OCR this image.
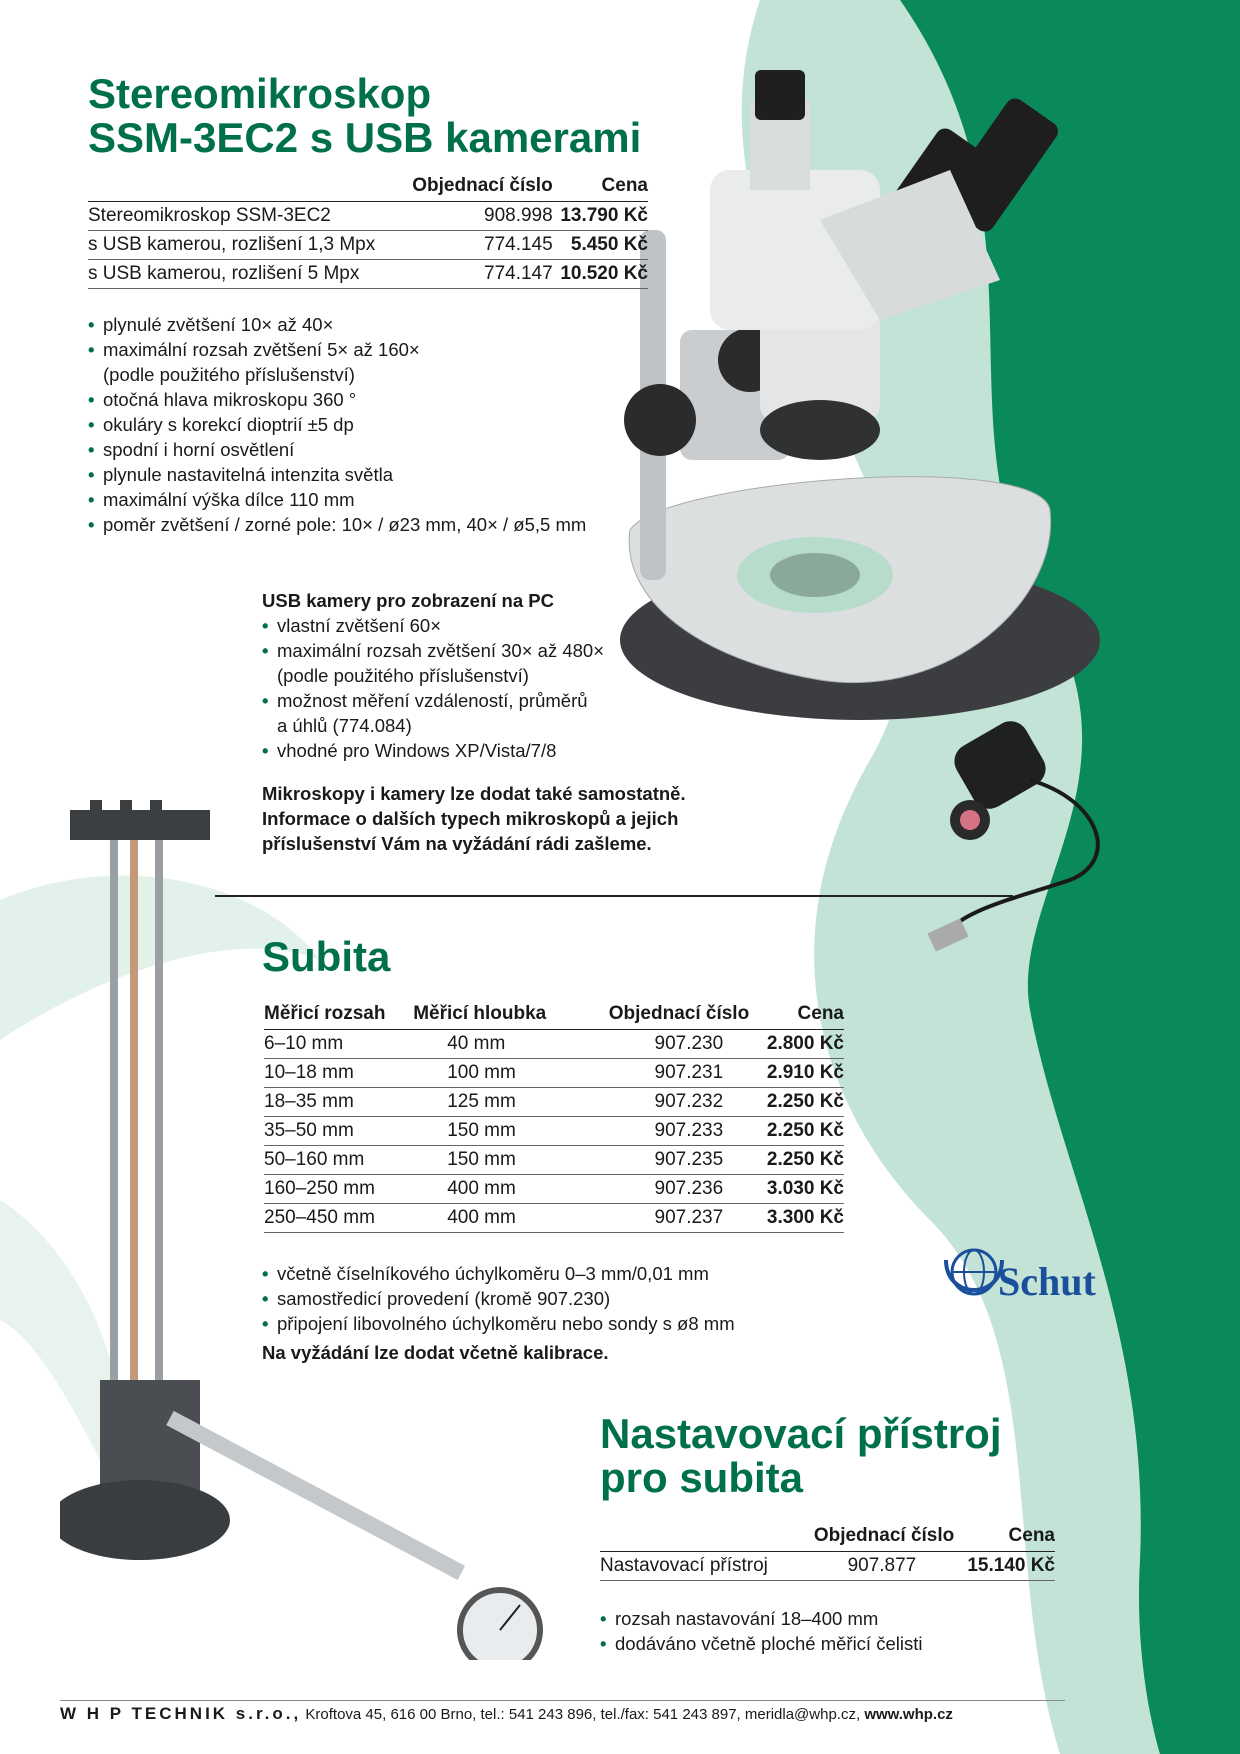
Stereomikroskop
SSM-3EC2 s USB kamerami
	Objednací číslo	Cena
Stereomikroskop SSM-3EC2	908.998	13.790 Kč
s USB kamerou, rozlišení 1,3 Mpx	774.145	5.450 Kč
s USB kamerou, rozlišení 5 Mpx	774.147	10.520 Kč
• plynulé zvětšení 10× až 40×
• maximální rozsah zvětšení 5× až 160×
(podle použitého příslušenství)
• otočná hlava mikroskopu 360 °
• okuláry s korekcí dioptrií ±5 dp
• spodní i horní osvětlení
• plynule nastavitelná intenzita světla
• maximální výška dílce 110 mm
• poměr zvětšení / zorné pole: 10× / ø23 mm, 40× / ø5,5 mm
USB kamery pro zobrazení na PC
• vlastní zvětšení 60×
• maximální rozsah zvětšení 30× až 480×
(podle použitého příslušenství)
• možnost měření vzdáleností, průměrů
a úhlů (774.084)
• vhodné pro Windows XP/Vista/7/8
Mikroskopy i kamery lze dodat také samostatně.
Informace o dalších typech mikroskopů a jejich
příslušenství Vám na vyžádání rádi zašleme.
Subita
Měřicí rozsah	Měřicí hloubka	Objednací číslo	Cena
6–10 mm	40 mm	907.230	2.800 Kč
10–18 mm	100 mm	907.231	2.910 Kč
18–35 mm	125 mm	907.232	2.250 Kč
35–50 mm	150 mm	907.233	2.250 Kč
50–160 mm	150 mm	907.235	2.250 Kč
160–250 mm	400 mm	907.236	3.030 Kč
250–450 mm	400 mm	907.237	3.300 Kč
• včetně číselníkového úchylkoměru 0–3 mm/0,01 mm
• samostředicí provedení (kromě 907.230)
• připojení libovolného úchylkoměru nebo sondy s ø8 mm
Na vyžádání lze dodat včetně kalibrace.
Schut
Nastavovací přístroj
pro subita
	Objednací číslo	Cena
Nastavovací přístroj	907.877	15.140 Kč
• rozsah nastavování 18–400 mm
• dodáváno včetně ploché měřicí čelisti
W H P TECHNIK s.r.o., Kroftova 45, 616 00 Brno, tel.: 541 243 896, tel./fax: 541 243 897, meridla@whp.cz, www.whp.cz
